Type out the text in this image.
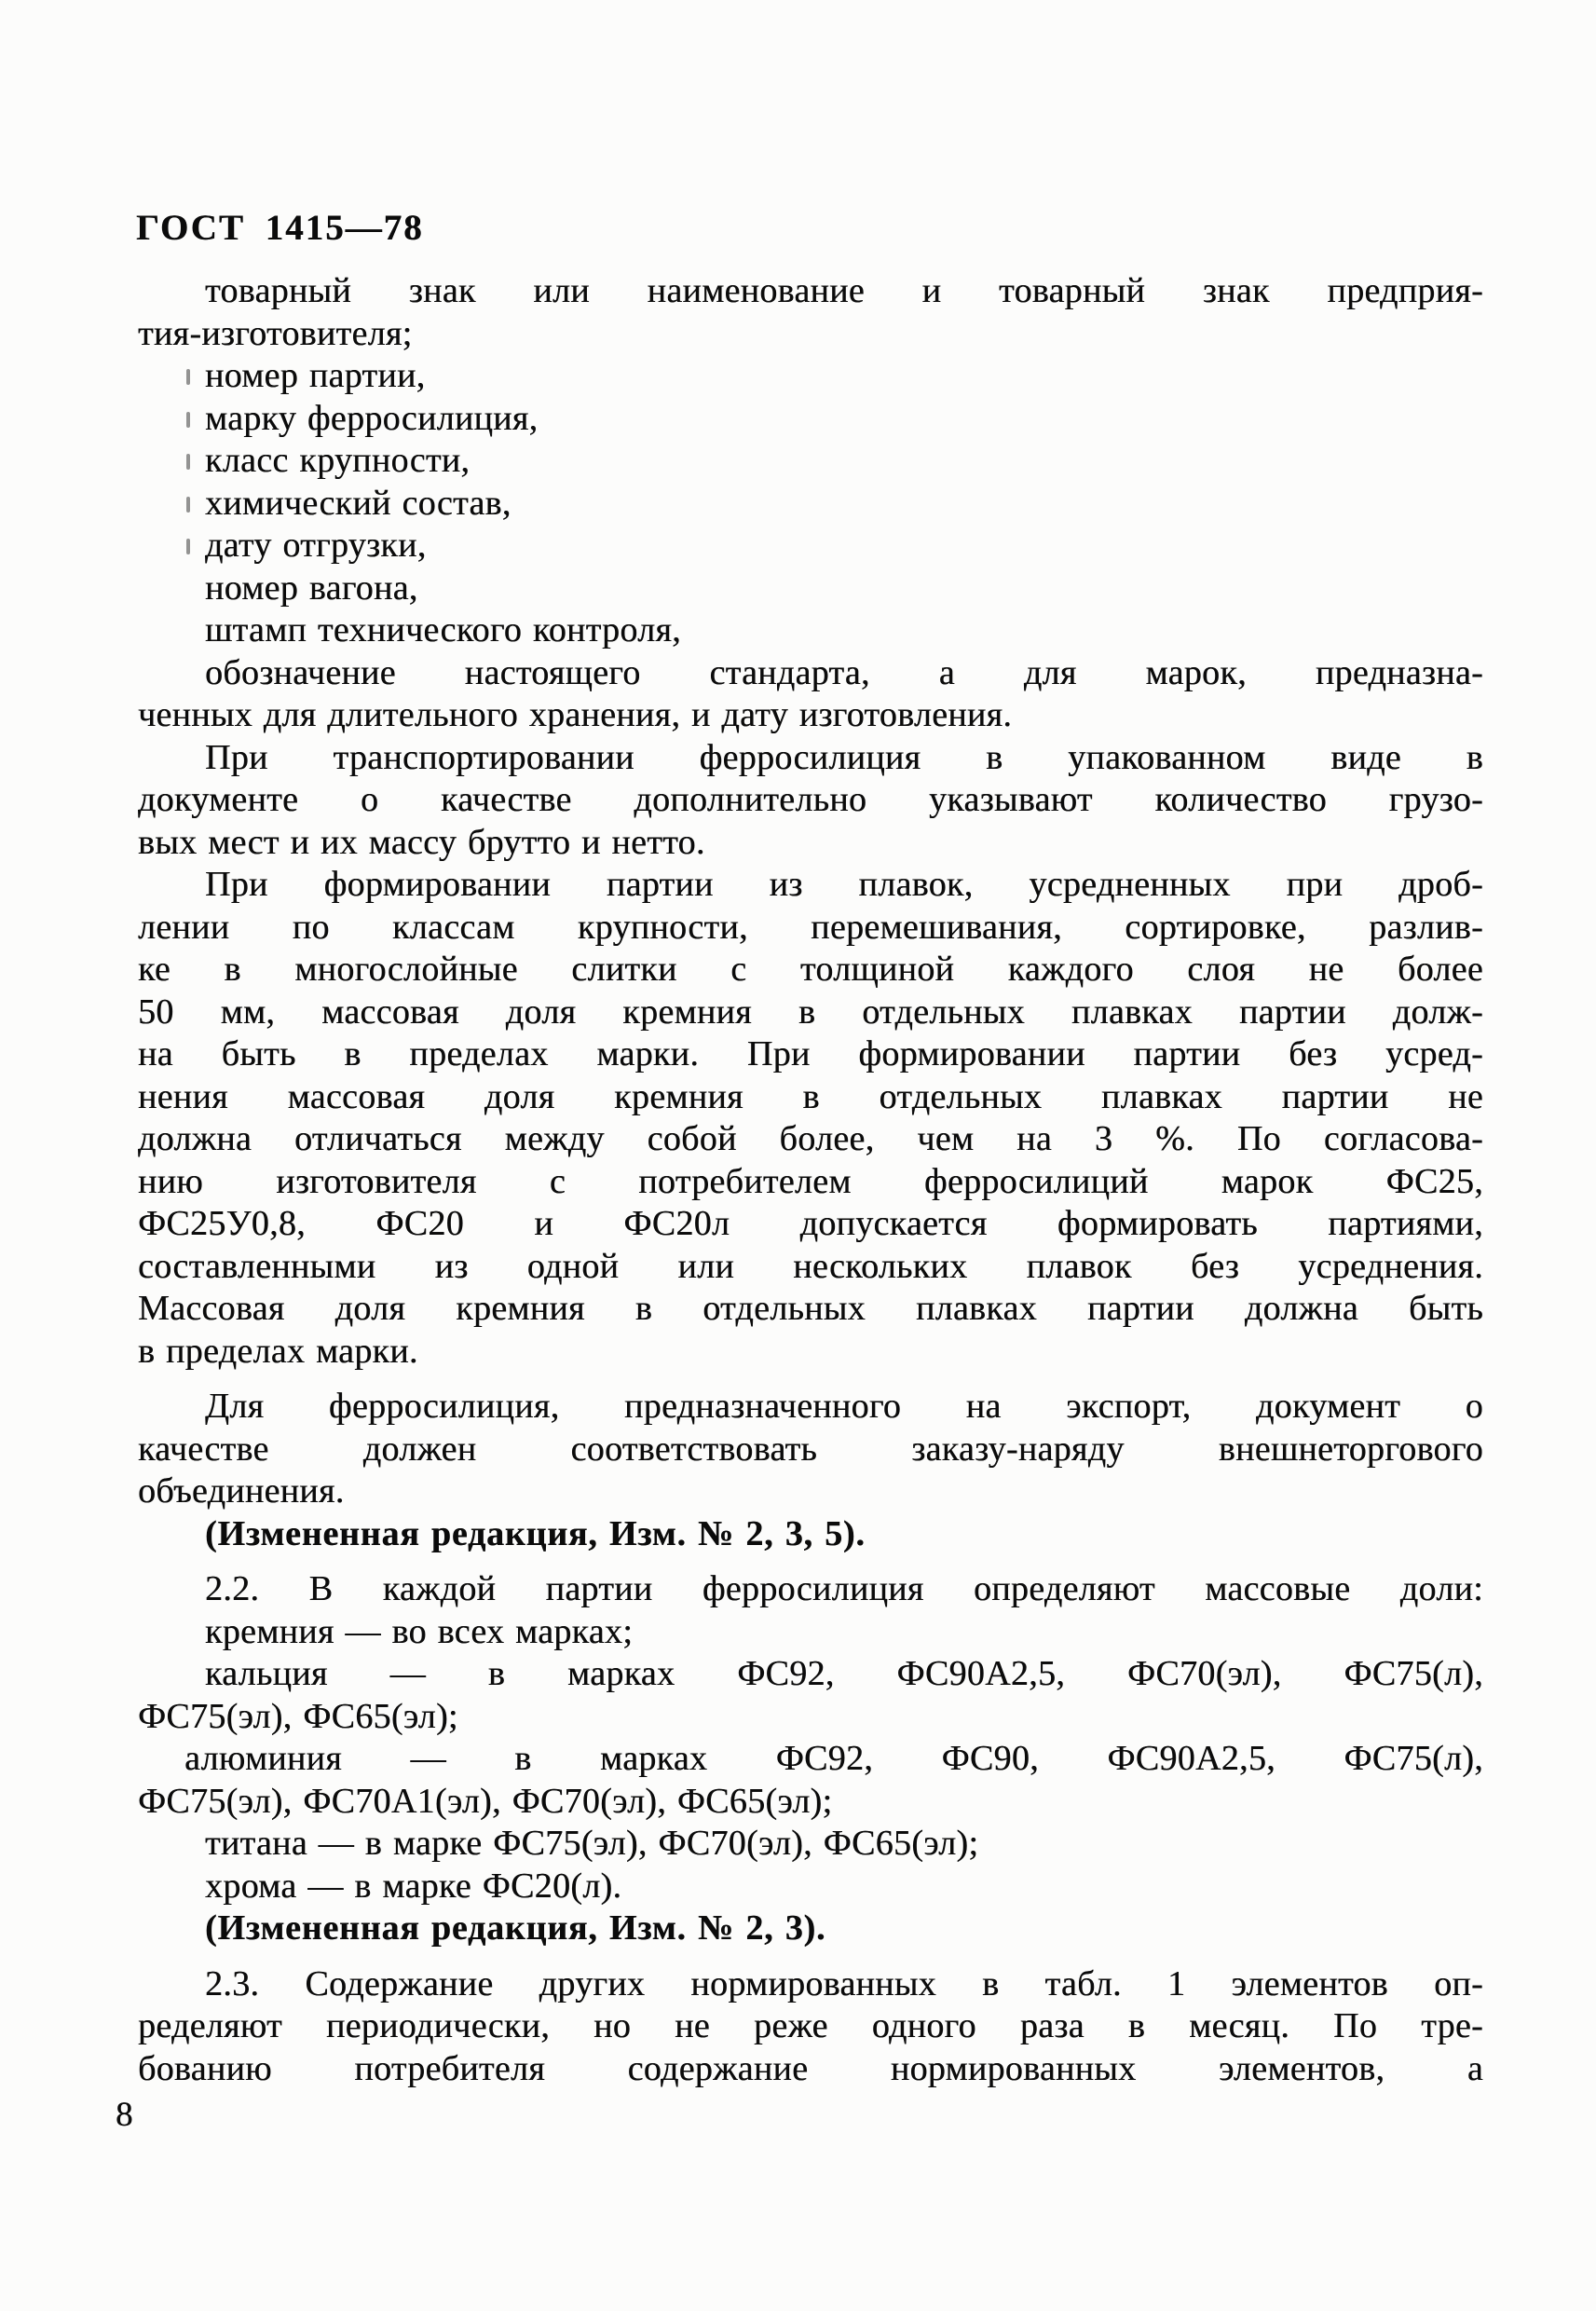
ГОСТ 1415—78
товарный знак или наименование и товарный знак предприя-
тия-изготовителя;
номер партии,
марку ферросилиция,
класс крупности,
химический состав,
дату отгрузки,
номер вагона,
штамп технического контроля,
обозначение настоящего стандарта, а для марок, предназна-
ченных для длительного хранения, и дату изготовления.
При транспортировании ферросилиция в упакованном виде в
документе о качестве дополнительно указывают количество грузо-
вых мест и их массу брутто и нетто.
При формировании партии из плавок, усредненных при дроб-
лении по классам крупности, перемешивания, сортировке, разлив-
ке в многослойные слитки с толщиной каждого слоя не более
50 мм, массовая доля кремния в отдельных плавках партии долж-
на быть в пределах марки. При формировании партии без усред-
нения массовая доля кремния в отдельных плавках партии не
должна отличаться между собой более, чем на 3 %. По согласова-
нию изготовителя с потребителем ферросилиций марок ФС25,
ФС25У0,8, ФС20 и ФС20л допускается формировать партиями,
составленными из одной или нескольких плавок без усреднения.
Массовая доля кремния в отдельных плавках партии должна быть
в пределах марки.
Для ферросилиция, предназначенного на экспорт, документ о
качестве должен соответствовать заказу-наряду внешнеторгового
объединения.
(Измененная редакция, Изм. № 2, 3, 5).
2.2. В каждой партии ферросилиция определяют массовые доли:
кремния — во всех марках;
кальция — в марках ФС92, ФС90А2,5, ФС70(эл), ФС75(л),
ФС75(эл), ФС65(эл);
алюминия — в марках ФС92, ФС90, ФС90А2,5, ФС75(л),
ФС75(эл), ФС70А1(эл), ФС70(эл), ФС65(эл);
титана — в марке ФС75(эл), ФС70(эл), ФС65(эл);
хрома — в марке ФС20(л).
(Измененная редакция, Изм. № 2, 3).
2.3. Содержание других нормированных в табл. 1 элементов оп-
ределяют периодически, но не реже одного раза в месяц. По тре-
бованию потребителя содержание нормированных элементов, а
8
